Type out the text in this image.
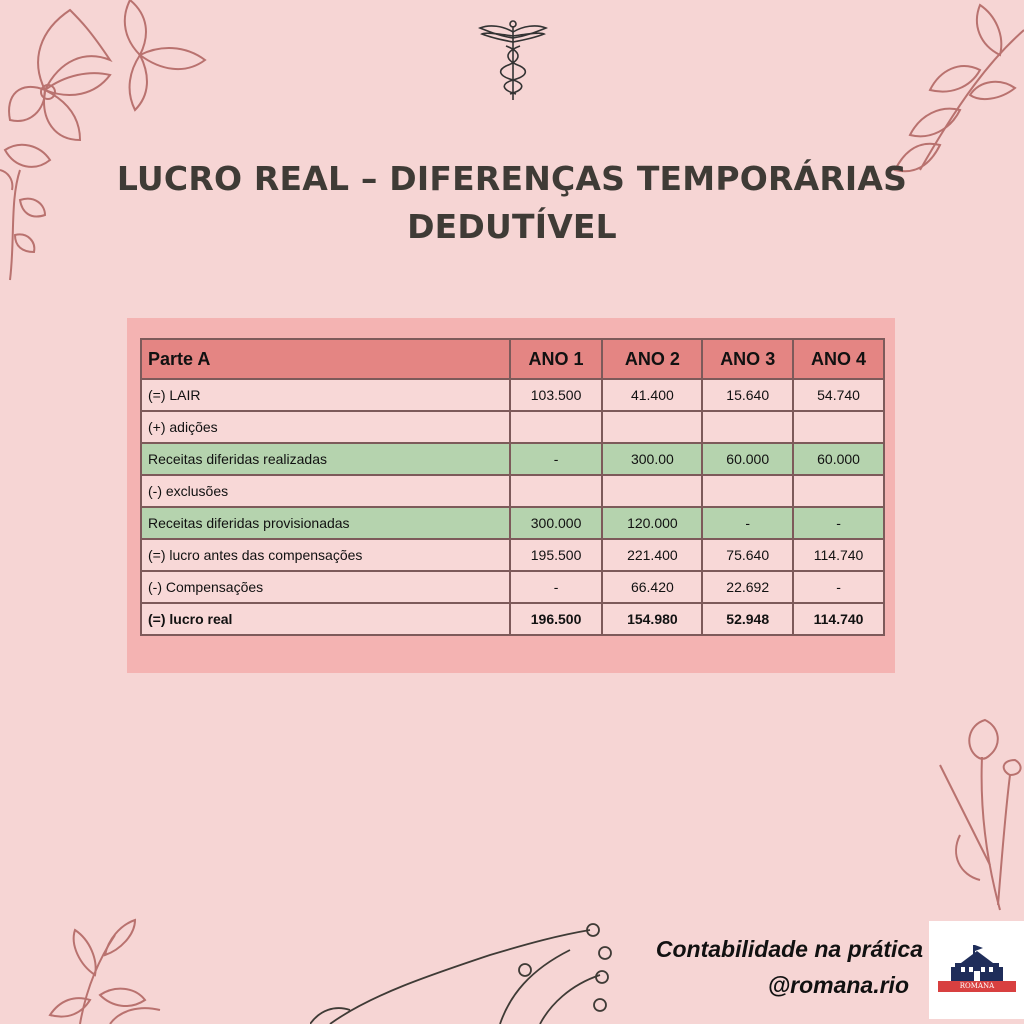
LUCRO REAL – DIFERENÇAS TEMPORÁRIAS
DEDUTÍVEL
Parte A	ANO 1	ANO 2	ANO 3	ANO 4
(=) LAIR	103.500	41.400	15.640	54.740
(+) adições				
Receitas diferidas realizadas	-	300.00	60.000	60.000
(-) exclusões				
Receitas diferidas provisionadas	300.000	120.000	-	-
(=) lucro antes das compensações	195.500	221.400	75.640	114.740
(-) Compensações	-	66.420	22.692	-
(=) lucro real	196.500	154.980	52.948	114.740
Contabilidade na prática
@romana.rio	ROMANA
